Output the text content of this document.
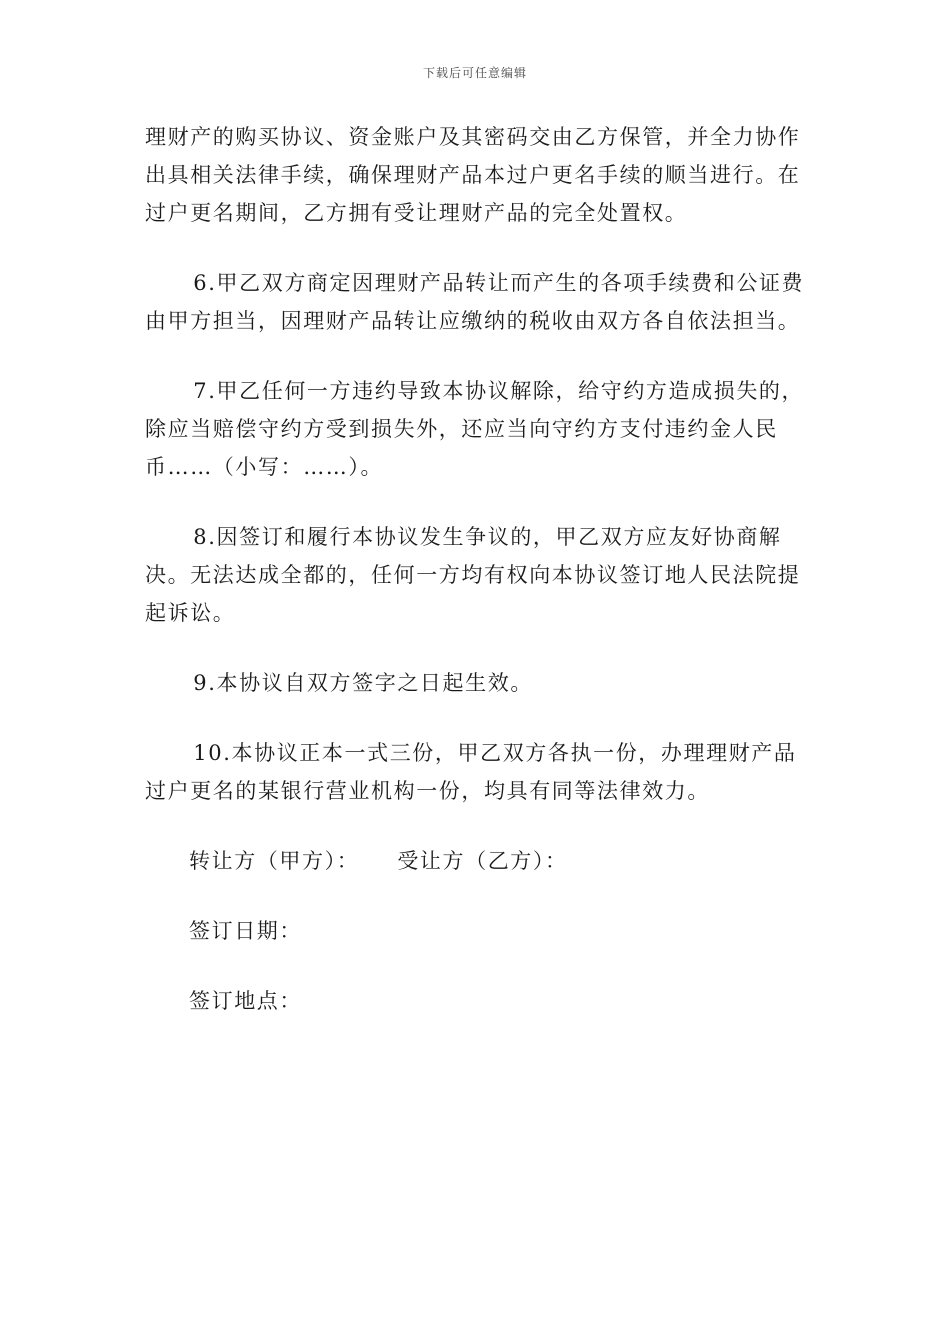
下载后可任意编辑

理财产的购买协议、资金账户及其密码交由乙方保管，并全力协作出具相关法律手续，确保理财产品本过户更名手续的顺当进行。在过户更名期间，乙方拥有受让理财产品的完全处置权。

6.甲乙双方商定因理财产品转让而产生的各项手续费和公证费由甲方担当，因理财产品转让应缴纳的税收由双方各自依法担当。

7.甲乙任何一方违约导致本协议解除，给守约方造成损失的，除应当赔偿守约方受到损失外，还应当向守约方支付违约金人民币……（小写：……）。

8.因签订和履行本协议发生争议的，甲乙双方应友好协商解决。无法达成全都的，任何一方均有权向本协议签订地人民法院提起诉讼。

9.本协议自双方签字之日起生效。

10.本协议正本一式三份，甲乙双方各执一份，办理理财产品过户更名的某银行营业机构一份，均具有同等法律效力。

转让方（甲方）： 受让方（乙方）：
签订日期：
签订地点：
